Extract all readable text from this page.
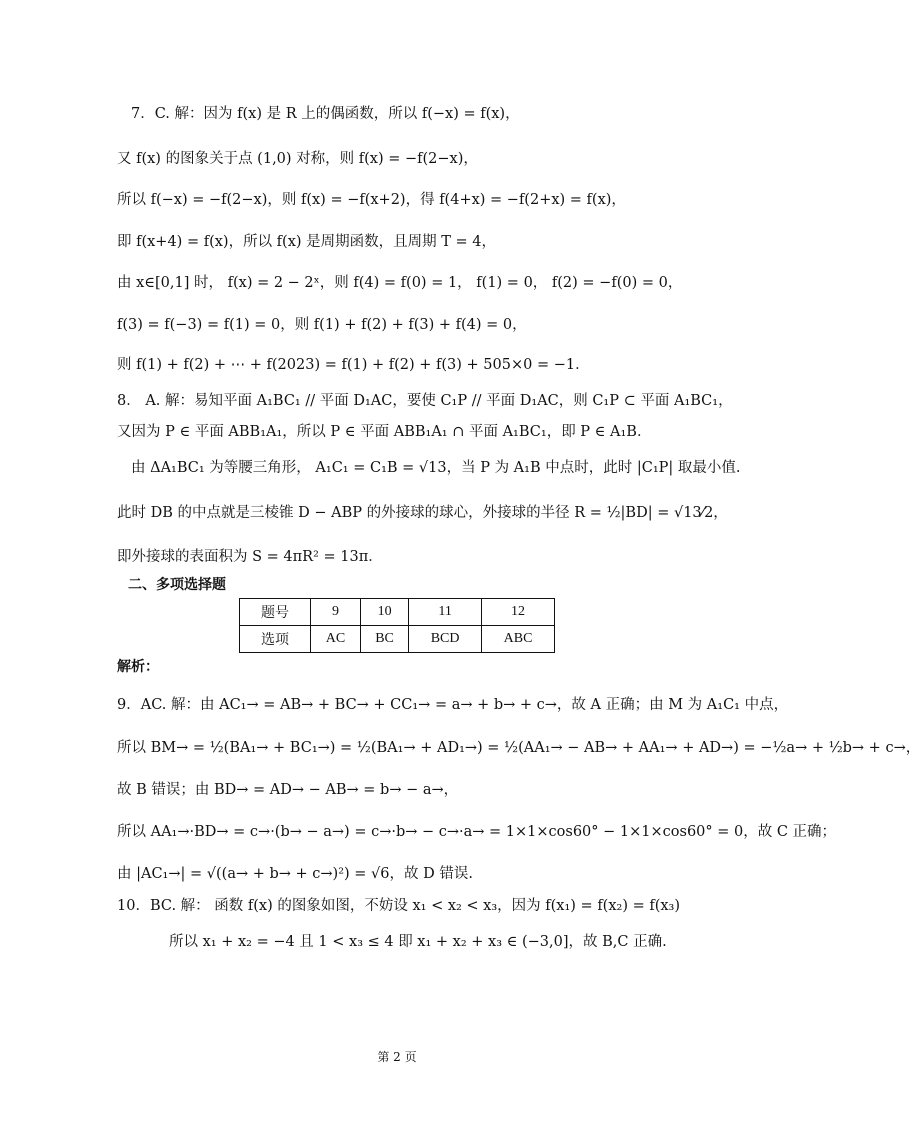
7．C. 解：因为 f(x) 是 R 上的偶函数，所以 f(−x) = f(x)，
又 f(x) 的图象关于点 (1,0) 对称，则 f(x) = −f(2−x)，
所以 f(−x) = −f(2−x)，则 f(x) = −f(x+2)，得 f(4+x) = −f(2+x) = f(x)，
即 f(x+4) = f(x)，所以 f(x) 是周期函数，且周期 T = 4，
由 x∈[0,1] 时， f(x) = 2 − 2ˣ，则 f(4) = f(0) = 1， f(1) = 0， f(2) = −f(0) = 0，
f(3) = f(−3) = f(1) = 0，则 f(1) + f(2) + f(3) + f(4) = 0，
则 f(1) + f(2) + ⋯ + f(2023) = f(1) + f(2) + f(3) + 505×0 = −1．
8． A. 解：易知平面 A₁BC₁ // 平面 D₁AC，要使 C₁P // 平面 D₁AC，则 C₁P ⊂ 平面 A₁BC₁，
又因为 P ∈ 平面 ABB₁A₁，所以 P ∈ 平面 ABB₁A₁ ∩ 平面 A₁BC₁，即 P ∈ A₁B．
由 ΔA₁BC₁ 为等腰三角形， A₁C₁ = C₁B = √13，当 P 为 A₁B 中点时，此时 |C₁P| 取最小值.
此时 DB 的中点就是三棱锥 D − ABP 的外接球的球心，外接球的半径 R = ½|BD| = √13⁄2，
即外接球的表面积为 S = 4πR² = 13π．
二、多项选择题
题号	9	10	11	12
选项	AC	BC	BCD	ABC
解析：
9．AC. 解：由 AC₁→ = AB→ + BC→ + CC₁→ = a→ + b→ + c→，故 A 正确；由 M 为 A₁C₁ 中点，
所以 BM→ = ½(BA₁→ + BC₁→) = ½(BA₁→ + AD₁→) = ½(AA₁→ − AB→ + AA₁→ + AD→) = −½a→ + ½b→ + c→，
故 B 错误；由 BD→ = AD→ − AB→ = b→ − a→，
所以 AA₁→·BD→ = c→·(b→ − a→) = c→·b→ − c→·a→ = 1×1×cos60° − 1×1×cos60° = 0，故 C 正确；
由 |AC₁→| = √((a→ + b→ + c→)²) = √6，故 D 错误.
10．BC. 解： 函数 f(x) 的图象如图，不妨设 x₁ < x₂ < x₃，因为 f(x₁) = f(x₂) = f(x₃)
所以 x₁ + x₂ = −4 且 1 < x₃ ≤ 4 即 x₁ + x₂ + x₃ ∈ (−3,0]，故 B,C 正确.
第 2 页
